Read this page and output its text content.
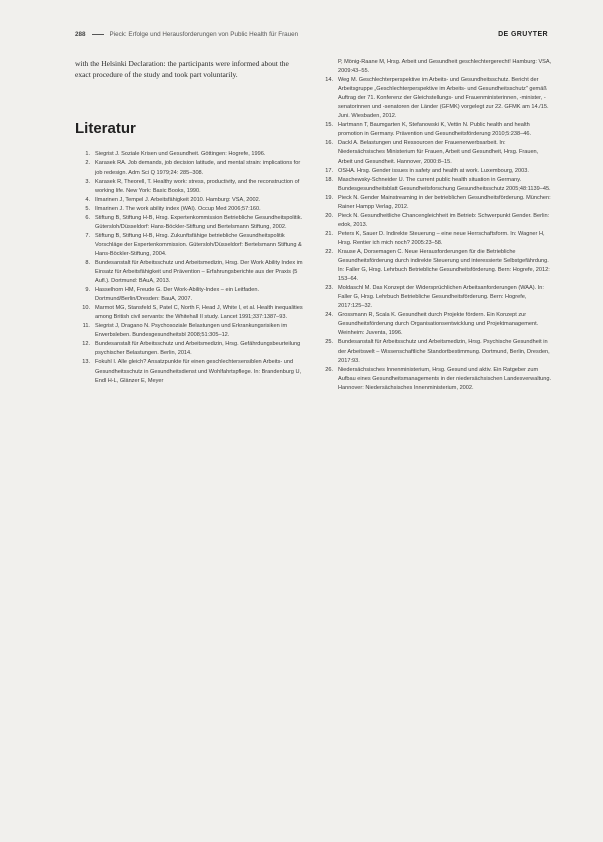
288	Pieck: Erfolge und Herausforderungen von Public Health für Frauen	DE GRUYTER

with the Helsinki Declaration: the participants were informed about the exact procedure of the study and took part voluntarily.

Literatur
1. Siegrist J. Soziale Krisen und Gesundheit. Göttingen: Hogrefe, 1996.
2. Karasek RA. Job demands, job decision latitude, and mental strain: implications for job redesign. Adm Sci Q 1979;24: 285–308.
3. Karasek R, Theorell, T. Healthy work: stress, productivity, and the reconstruction of working life. New York: Basic Books, 1990.
4. Ilmarinen J, Tempel J. Arbeitsfähigkeit 2010. Hamburg: VSA, 2002.
5. Ilmarinen J. The work ability index (WAI). Occup Med 2006;57:160.
6. Stiftung B, Stiftung H-B, Hrsg. Expertenkommission Betriebliche Gesundheitspolitik. Gütersloh/Düsseldorf: Hans-Böckler-Stiftung und Bertelsmann Stiftung, 2002.
7. Stiftung B, Stiftung H-B, Hrsg. Zukunftsfähige betriebliche Gesundheitspolitik Vorschläge der Expertenkommission. Gütersloh/Düsseldorf: Bertelsmann Stiftung & Hans-Böckler-Stiftung, 2004.
8. Bundesanstalt für Arbeitsschutz und Arbeitsmedizin, Hrsg. Der Work Ability Index im Einsatz für Arbeitsfähigkeit und Prävention – Erfahrungsberichte aus der Praxis (5 Aufl.). Dortmund: BAuA, 2013.
9. Hasselhorn HM, Freude G. Der Work-Ability-Index – ein Leitfaden. Dortmund/Berlin/Dresden: BauA, 2007.
10. Marmot MG, Stansfeld S, Patel C, North F, Head J, White I, et al. Health inequalities among British civil servants: the Whitehall II study. Lancet 1991;337:1387–93.
11. Siegrist J, Dragano N. Psychosoziale Belastungen und Erkrankungsrisiken im Erwerbsleben. Bundesgesundheitsbl 2008;51:305–12.
12. Bundesanstalt für Arbeitsschutz und Arbeitsmedizin, Hrsg. Gefährdungsbeurteilung psychischer Belastungen. Berlin, 2014.
13. Fokuhl I. Alle gleich? Ansatzpunkte für einen geschlechtersensiblen Arbeits- und Gesundheitsschutz in Gesundheitsdienst und Wohlfahrtspflege. In: Brandenburg U, Endl H-L, Glänzer E, Meyer

P, Mönig-Raane M, Hrsg. Arbeit und Gesundheit geschlechtergerecht! Hamburg: VSA, 2009:43–55.

14. Weg M. Geschlechterperspektive im Arbeits- und Gesundheitsschutz. Bericht der Arbeitsgruppe „Geschlechterperspektive im Arbeits- und Gesundheitsschutz" gemäß Auftrag der 71. Konferenz der Gleichstellungs- und Frauenministerinnen, -minister, -senatorinnen und -senatoren der Länder (GFMK) vorgelegt zur 22. GFMK am 14./15. Juni. Wiesbaden, 2012.
15. Hartmann T, Baumgarten K, Stefanowski K, Vettin N. Public health and health promotion in Germany. Prävention und Gesundheitsförderung 2010;5:238–46.
16. Dackl A. Belastungen und Ressourcen der Frauenerwerbsarbeit. In: Niedersächsisches Ministerium für Frauen, Arbeit und Gesundheit, Hrsg. Frauen, Arbeit und Gesundheit. Hannover, 2000:8–15.
17. OSHA. Hrsg. Gender issues in safety and health at work. Luxembourg, 2003.
18. Maschewsky-Schneider U. The current public health situation in Germany. Bundesgesundheitsblatt Gesundheitsforschung Gesundheitsschutz 2005;48:1139–45.
19. Pieck N. Gender Mainstreaming in der betrieblichen Gesundheitsförderung. München: Rainer Hampp Verlag, 2012.
20. Pieck N. Gesundheitliche Chancengleichheit im Betrieb: Schwerpunkt Gender. Berlin: edok, 2013.
21. Peters K, Sauer D. Indirekte Steuerung – eine neue Herrschaftsform. In: Wagner H, Hrsg. Rentier ich mich noch? 2005:23–58.
22. Krause A, Dorsemagen C. Neue Herausforderungen für die Betriebliche Gesundheitsförderung durch indirekte Steuerung und interessierte Selbstgefährdung. In: Faller G, Hrsg. Lehrbuch Betriebliche Gesundheitsförderung. Bern: Hogrefe, 2012: 153–64.
23. Moldaschl M. Das Konzept der Widersprüchlichen Arbeitsanforderungen (WAA). In: Faller G, Hrsg. Lehrbuch Betriebliche Gesundheitsförderung. Bern: Hogrefe, 2017:125–32.
24. Grossmann R, Scala K. Gesundheit durch Projekte fördern. Ein Konzept zur Gesundheitsförderung durch Organisationsentwicklung und Projektmanagement. Weinheim: Juventa, 1996.
25. Bundesanstalt für Arbeitsschutz und Arbeitsmedizin, Hrsg. Psychische Gesundheit in der Arbeitswelt – Wissenschaftliche Standortbestimmung. Dortmund, Berlin, Dresden, 2017:93.
26. Niedersächsisches Innenministerium, Hrsg. Gesund und aktiv. Ein Ratgeber zum Aufbau eines Gesundheitsmanagements in der niedersächsischen Landesverwaltung. Hannover: Niedersächsisches Innenministerium, 2002.
